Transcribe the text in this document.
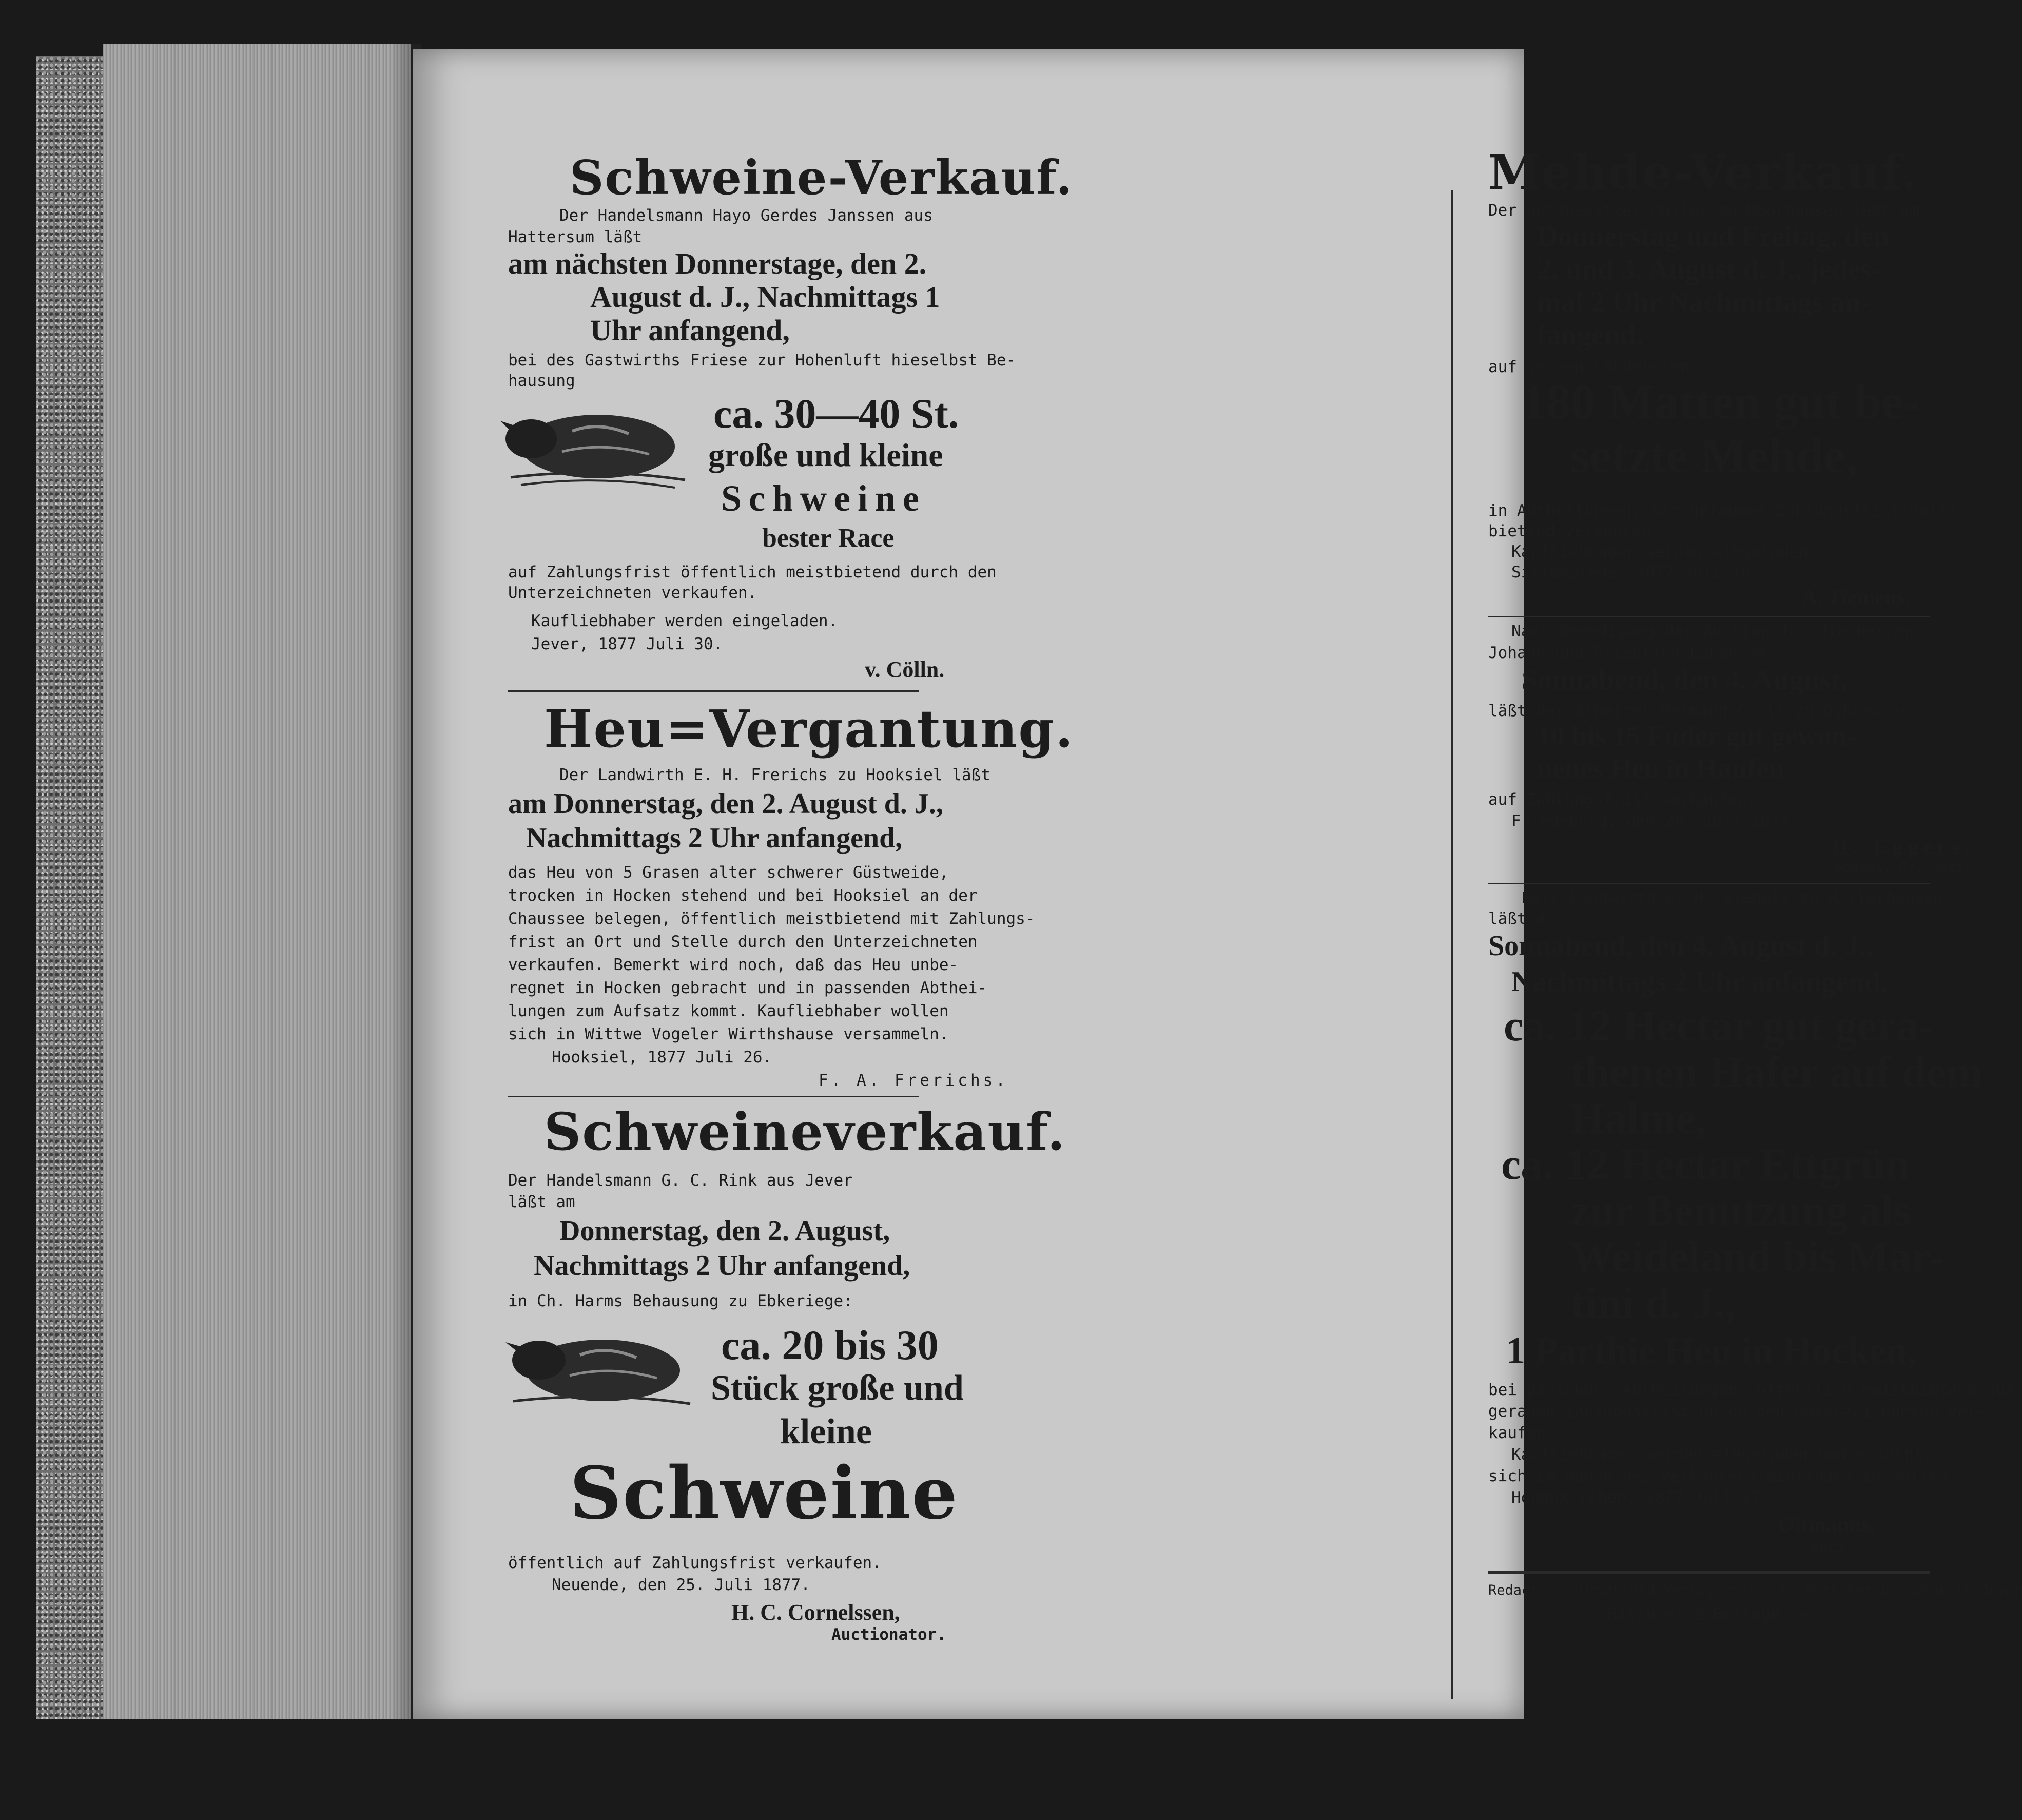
Schweine-Verkauf.
Der Handelsmann Hayo Gerdes Janssen aus
Hattersum läßt
am nächsten Donnerstage, den 2.
August d. J., Nachmittags 1
Uhr anfangend,
bei des Gastwirths Friese zur Hohenluft hieselbst Be-
hausung
ca. 30—40 St.
große und kleine
Schweine
bester Race
auf Zahlungsfrist öffentlich meistbietend durch den
Unterzeichneten verkaufen.
Kaufliebhaber werden eingeladen.
Jever, 1877 Juli 30.
v. Cölln.
Heu=Vergantung.
Der Landwirth E. H. Frerichs zu Hooksiel läßt
am Donnerstag, den 2. August d. J.,
Nachmittags 2 Uhr anfangend,
das Heu von 5 Grasen alter schwerer Güstweide,
trocken in Hocken stehend und bei Hooksiel an der
Chaussee belegen, öffentlich meistbietend mit Zahlungs-
frist an Ort und Stelle durch den Unterzeichneten
verkaufen. Bemerkt wird noch, daß das Heu unbe-
regnet in Hocken gebracht und in passenden Abthei-
lungen zum Aufsatz kommt. Kaufliebhaber wollen
sich in Wittwe Vogeler Wirthshause versammeln.
Hooksiel, 1877 Juli 26.
F. A. Frerichs.
Schweineverkauf.
Der Handelsmann G. C. Rink aus Jever
läßt am
Donnerstag, den 2. August,
Nachmittags 2 Uhr anfangend,
in Ch. Harms Behausung zu Ebkeriege:
ca. 20 bis 30
Stück große und
kleine
Schweine
öffentlich auf Zahlungsfrist verkaufen.
Neuende, den 25. Juli 1877.
H. C. Cornelssen,
Auctionator.
Mehde-Verkauf.
Der Gutsbesitzer Müller zu Moorhausen läßt am
Donnerstag und Freitag, den
2. und 3. August d. J., jedes-
mal 2 Uhr Nachmittags an-
fangend,
auf seinen Ländereien
180 Matten gut be-
setzte Mehde,
in Abtheilungen, mit geraumer Zahlungsfrist meist-
bietend verkaufen.
Kaufliebhaber werden eingeladen.
Sillenstede, 1877 Juli 16.
A. Tiemens,
Nach Beendigung der Auction für die Herren
Johann und Friedrich Lüken am
Sonnabend, den 4. August,
läßt der Arbeiter Hermann Carls zu Dykhausen
10 bis 15 Fuder gut gewon-
nenes Heu in Haufen
auf Zahlungsfrist verkaufen.
Friedeburg, den 28. Juli 1877.
H. Eggers,
Königl. Pr. Auct.
Herr Landwirth G. H. Siebels zu Hillerhausen
läßt am
Sonnabend, den 4. August d. J.,
Nachmittags 2 Uhr anfangend,
ca. 12 Hectar gut gera-
thenen Hafer auf dem
Halme,
ca. 12 Hectar Ettgrün
zur Benutzung als
Weideland bis Mar-
tini d. J.,
1 Parthie Heu in Hocken,
bei passenden Abtheilungen, öffentlich meistbietend auf
geraume Zahlungsfrist durch den Unterzeichneten ver-
kaufen.
Kaufliebhaber werden eingeladen und ersucht,
sich im Hause des Verkäufers einfinden zu wollen.
Hohenkirchen, 1877 Juli 27.
Oltmanns,
Auct.
Redaction, Druck und Verlag von C. L. Mettcker u. Söhne in Jever
— Hiezu eine Beilage. —
